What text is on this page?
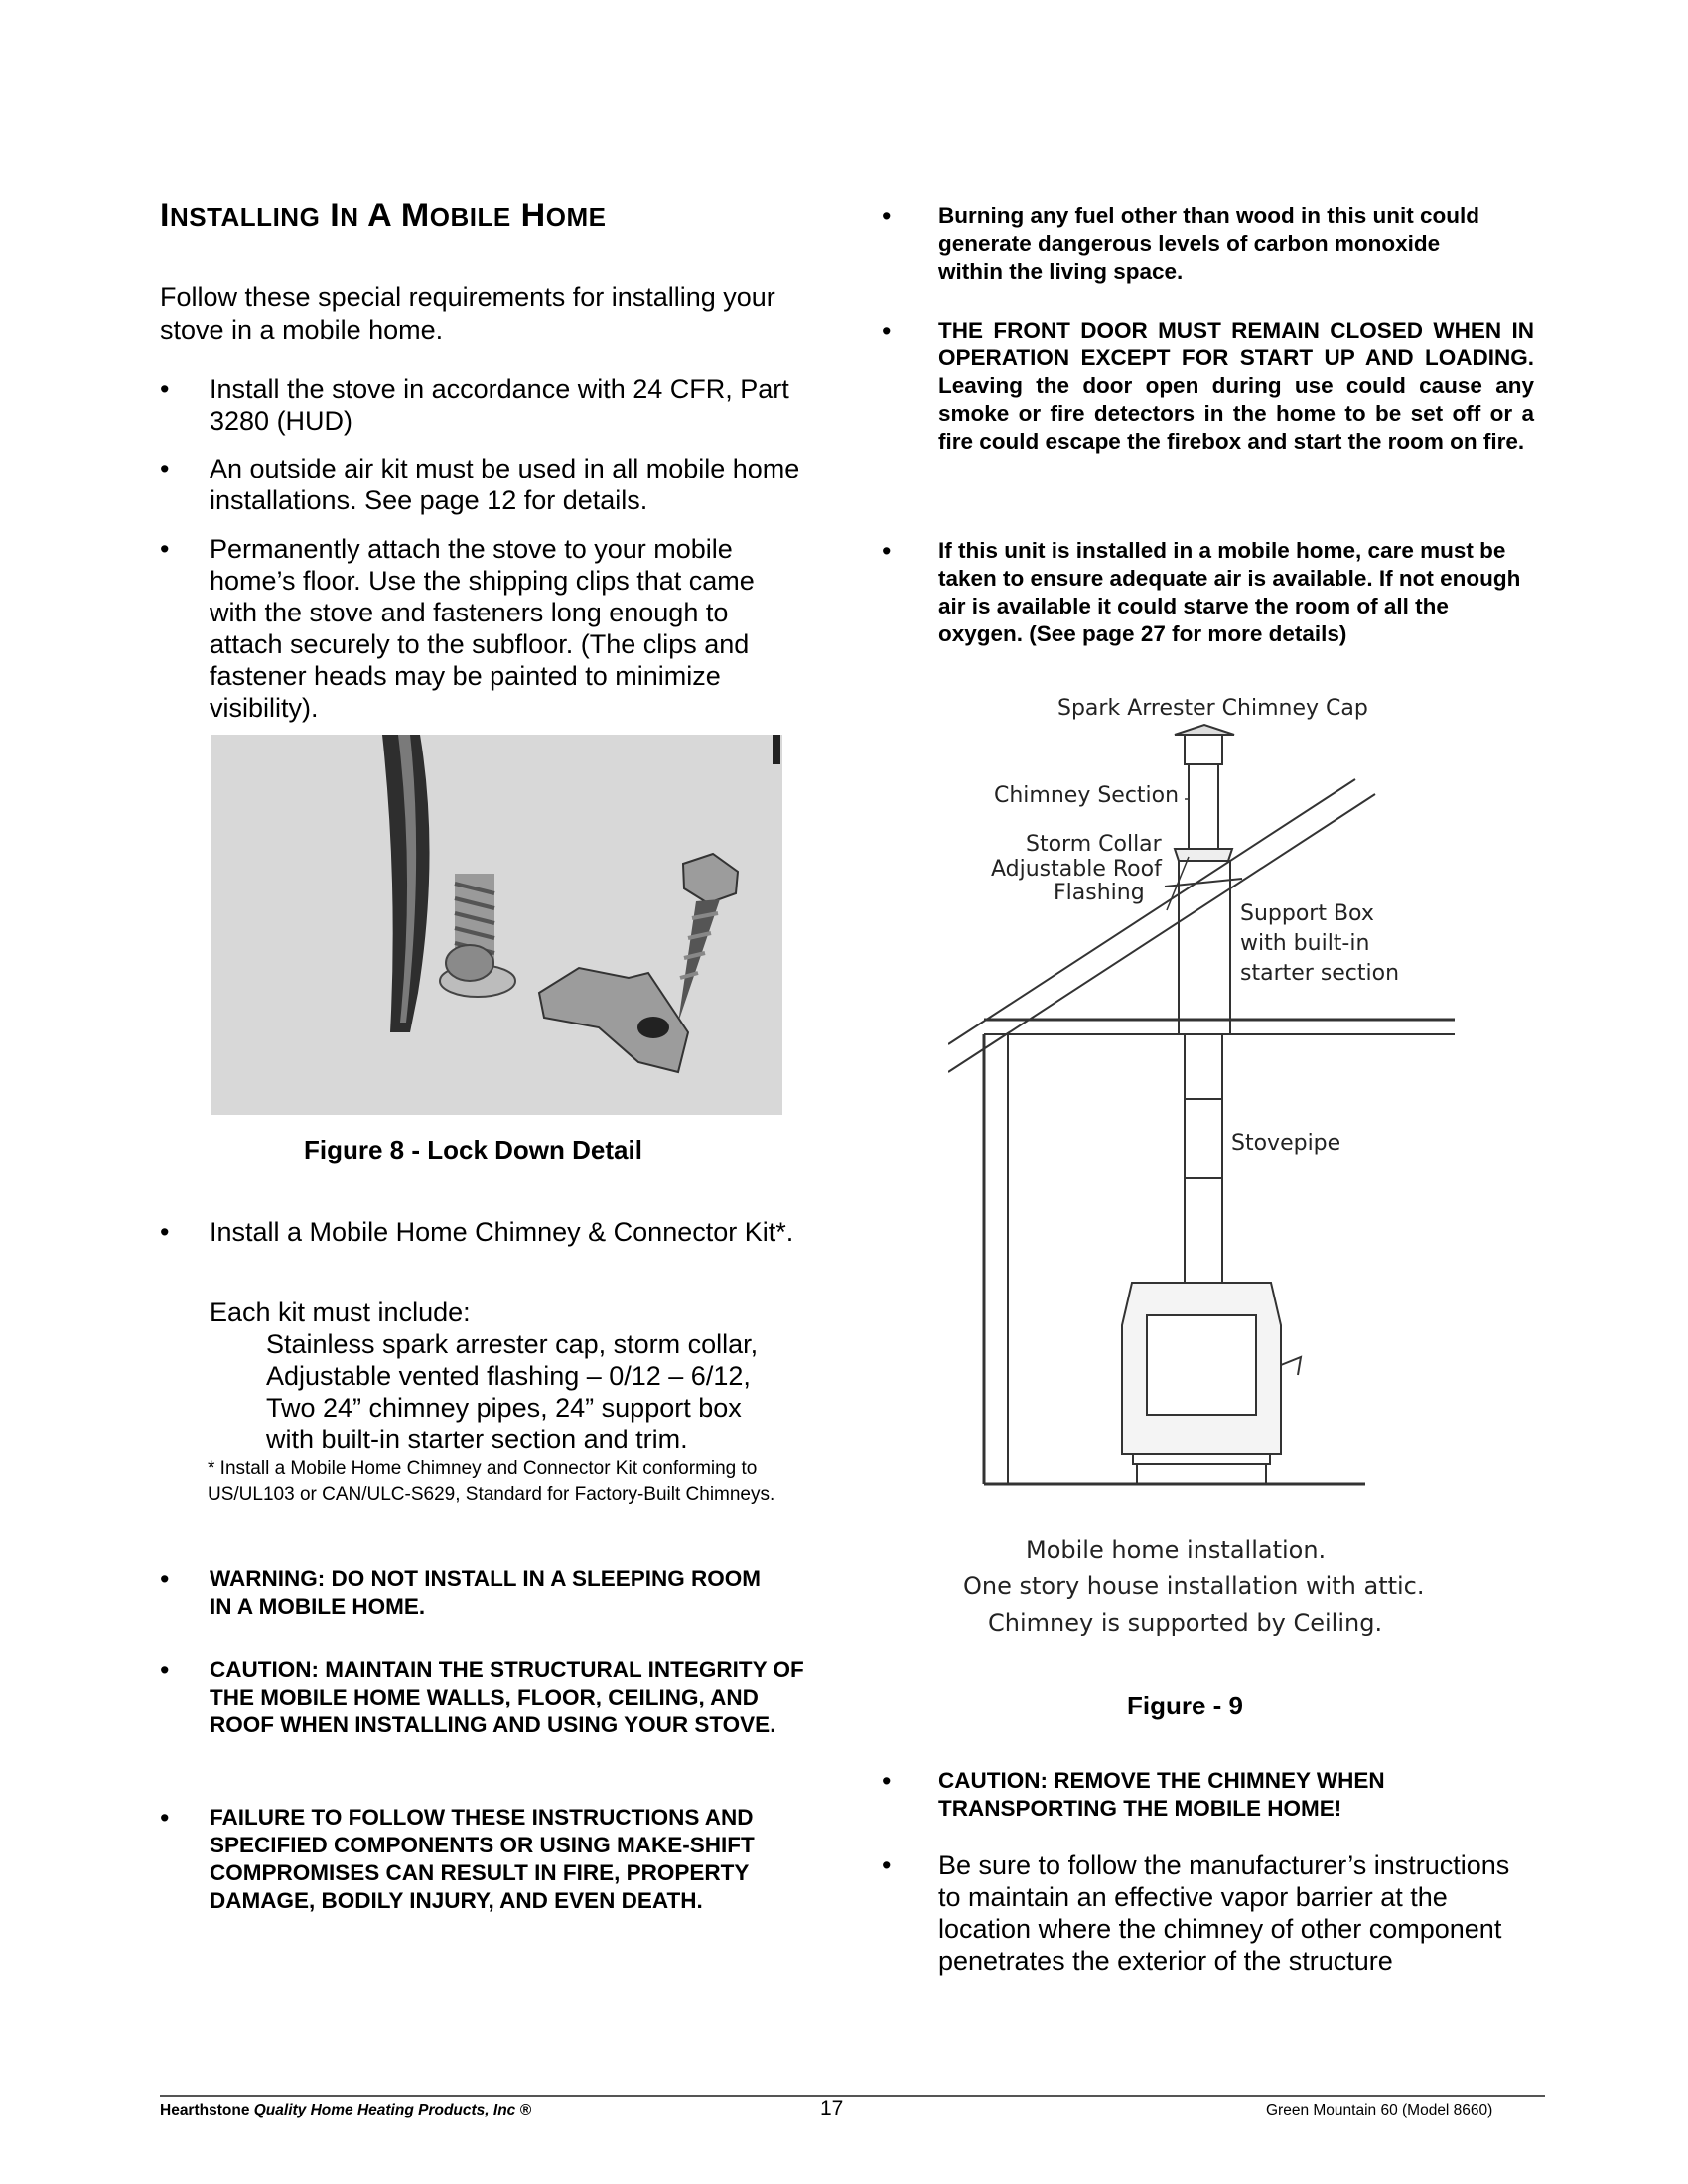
INSTALLING IN A MOBILE HOME
Follow these special requirements for installing your stove in a mobile home.
• Install the stove in accordance with 24 CFR, Part 3280 (HUD)
• An outside air kit must be used in all mobile home installations. See page 12 for details.
• Permanently attach the stove to your mobile home’s floor. Use the shipping clips that came with the stove and fasteners long enough to attach securely to the subfloor. (The clips and fastener heads may be painted to minimize visibility).
Figure 8 - Lock Down Detail
• Install a Mobile Home Chimney & Connector Kit*.
Each kit must include:
Stainless spark arrester cap, storm collar,
Adjustable vented flashing – 0/12 – 6/12,
Two 24” chimney pipes, 24” support box
with built-in starter section and trim.
* Install a Mobile Home Chimney and Connector Kit conforming to US/UL103 or CAN/ULC-S629, Standard for Factory-Built Chimneys.
• WARNING: DO NOT INSTALL IN A SLEEPING ROOM IN A MOBILE HOME.
• CAUTION: MAINTAIN THE STRUCTURAL INTEGRITY OF THE MOBILE HOME WALLS, FLOOR, CEILING, AND ROOF WHEN INSTALLING AND USING YOUR STOVE.
• FAILURE TO FOLLOW THESE INSTRUCTIONS AND SPECIFIED COMPONENTS OR USING MAKE-SHIFT COMPROMISES CAN RESULT IN FIRE, PROPERTY DAMAGE, BODILY INJURY, AND EVEN DEATH.
• Burning any fuel other than wood in this unit could generate dangerous levels of carbon monoxide within the living space.
• THE FRONT DOOR MUST REMAIN CLOSED WHEN IN OPERATION EXCEPT FOR START UP AND LOADING. Leaving the door open during use could cause any smoke or fire detectors in the home to be set off or a fire could escape the firebox and start the room on fire.
• If this unit is installed in a mobile home, care must be taken to ensure adequate air is available. If not enough air is available it could starve the room of all the oxygen. (See page 27 for more details)
Spark Arrester Chimney Cap
Chimney Section
Storm Collar
Adjustable Roof
Flashing
Support Box
with built-in
starter section
Stovepipe
Mobile home installation.
One story house installation with attic.
Chimney is supported by Ceiling.
Figure - 9
• CAUTION: REMOVE THE CHIMNEY WHEN TRANSPORTING THE MOBILE HOME!
• Be sure to follow the manufacturer’s instructions to maintain an effective vapor barrier at the location where the chimney of other component penetrates the exterior of the structure
Hearthstone Quality Home Heating Products, Inc ®	17	Green Mountain 60 (Model 8660)
